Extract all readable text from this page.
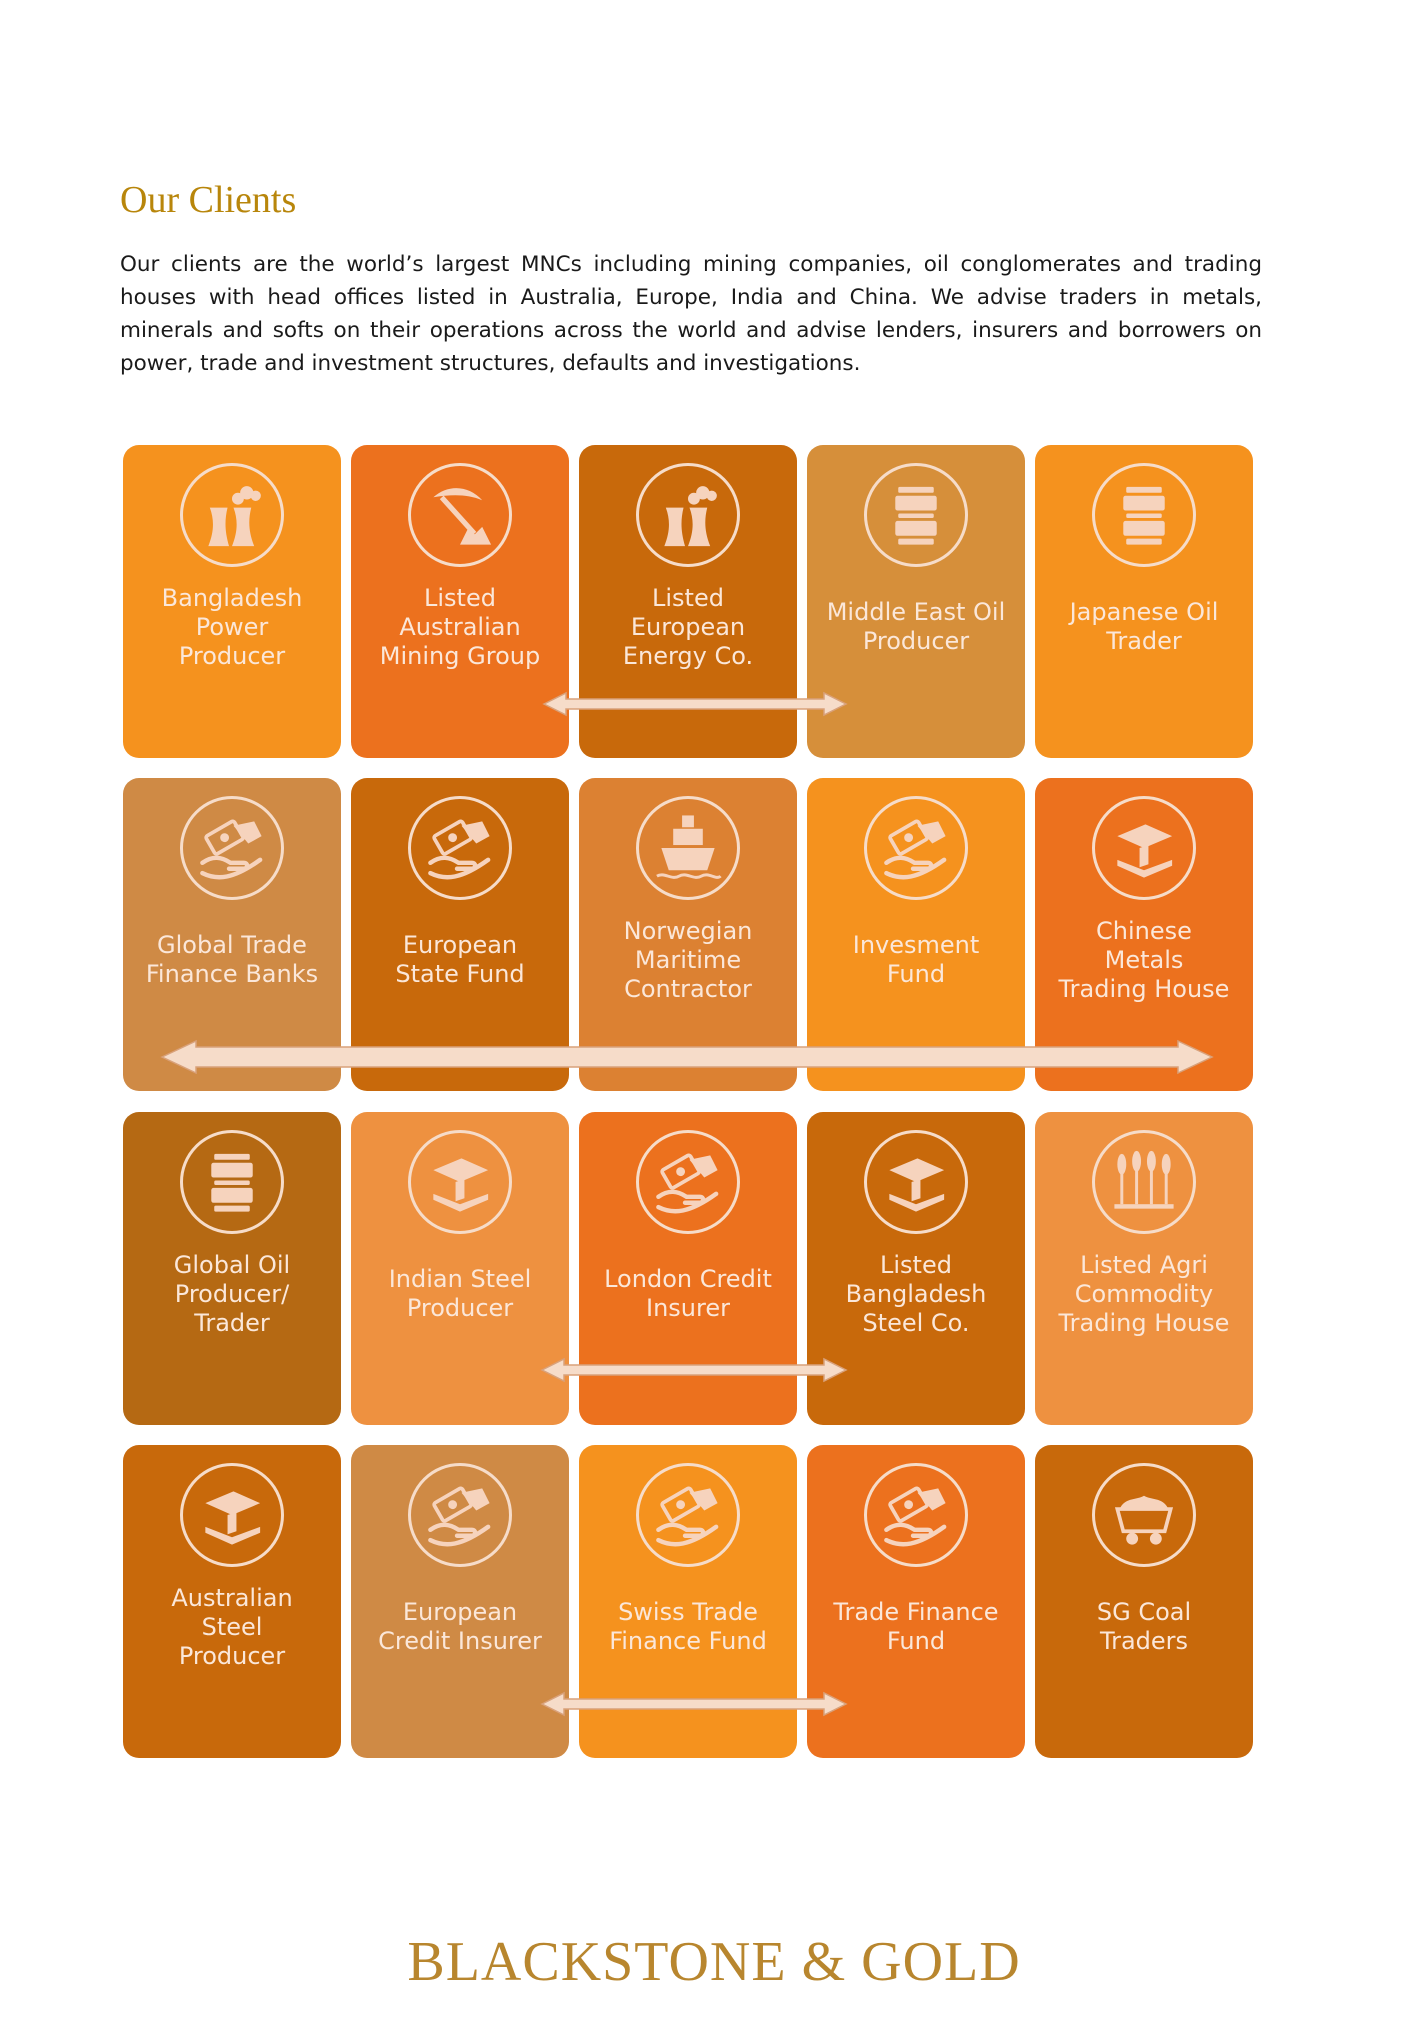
Our Clients

Our clients are the world’s largest MNCs including mining companies, oil conglomerates and trading houses with head offices listed in Australia, Europe, India and China. We advise traders in metals, minerals and softs on their operations across the world and advise lenders, insurers and borrowers on power, trade and investment structures, defaults and investigations.

Bangladesh
Power
Producer
Listed
Australian
Mining Group
Listed
European
Energy Co.
Middle East Oil
Producer
Japanese Oil
Trader
Global Trade
Finance Banks
European
State Fund
Norwegian
Maritime
Contractor
Invesment
Fund
Chinese
Metals
Trading House
Global Oil
Producer/
Trader
Indian Steel
Producer
London Credit
Insurer
Listed
Bangladesh
Steel Co.
Listed Agri
Commodity
Trading House
Australian
Steel
Producer
European
Credit Insurer
Swiss Trade
Finance Fund
Trade Finance
Fund
SG Coal
Traders
BLACKSTONE & GOLD
